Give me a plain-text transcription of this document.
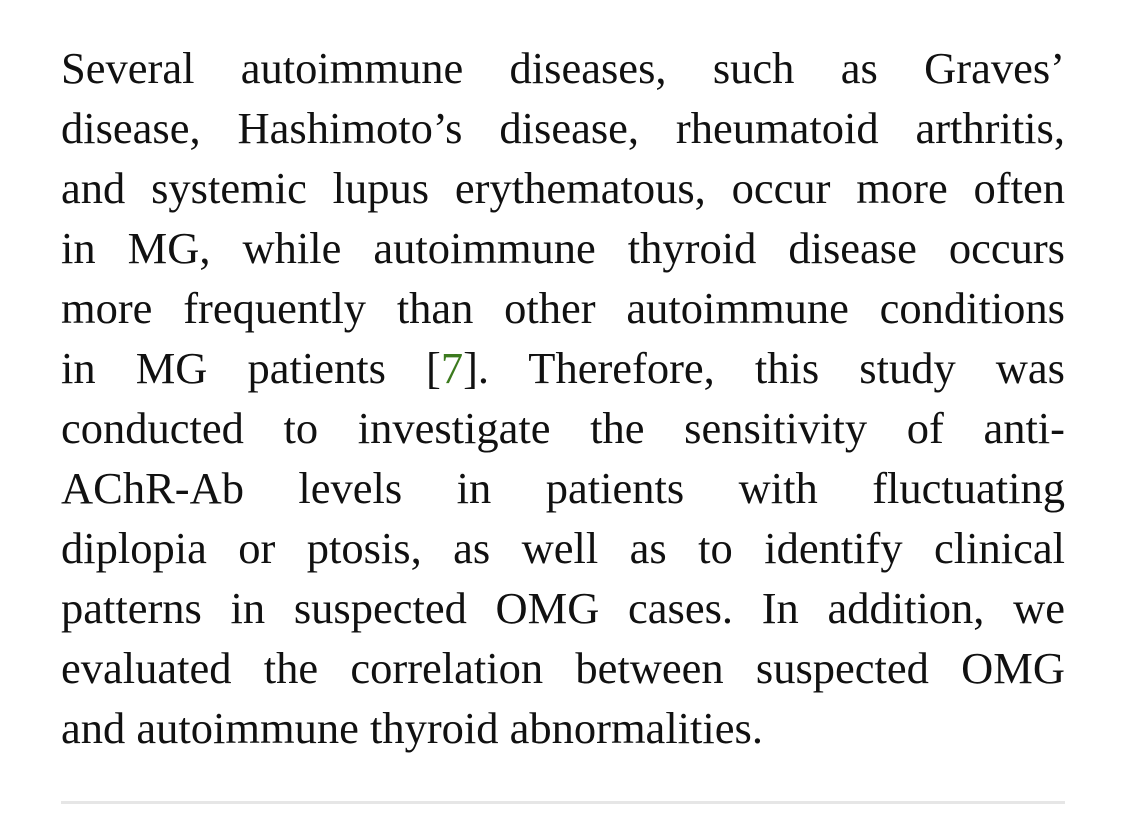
Several autoimmune diseases, such as Graves’
disease, Hashimoto’s disease, rheumatoid arthritis,
and systemic lupus erythematous, occur more often
in MG, while autoimmune thyroid disease occurs
more frequently than other autoimmune conditions
in MG patients [7]. Therefore, this study was
conducted to investigate the sensitivity of anti-
AChR-Ab levels in patients with fluctuating
diplopia or ptosis, as well as to identify clinical
patterns in suspected OMG cases. In addition, we
evaluated the correlation between suspected OMG
and autoimmune thyroid abnormalities.
